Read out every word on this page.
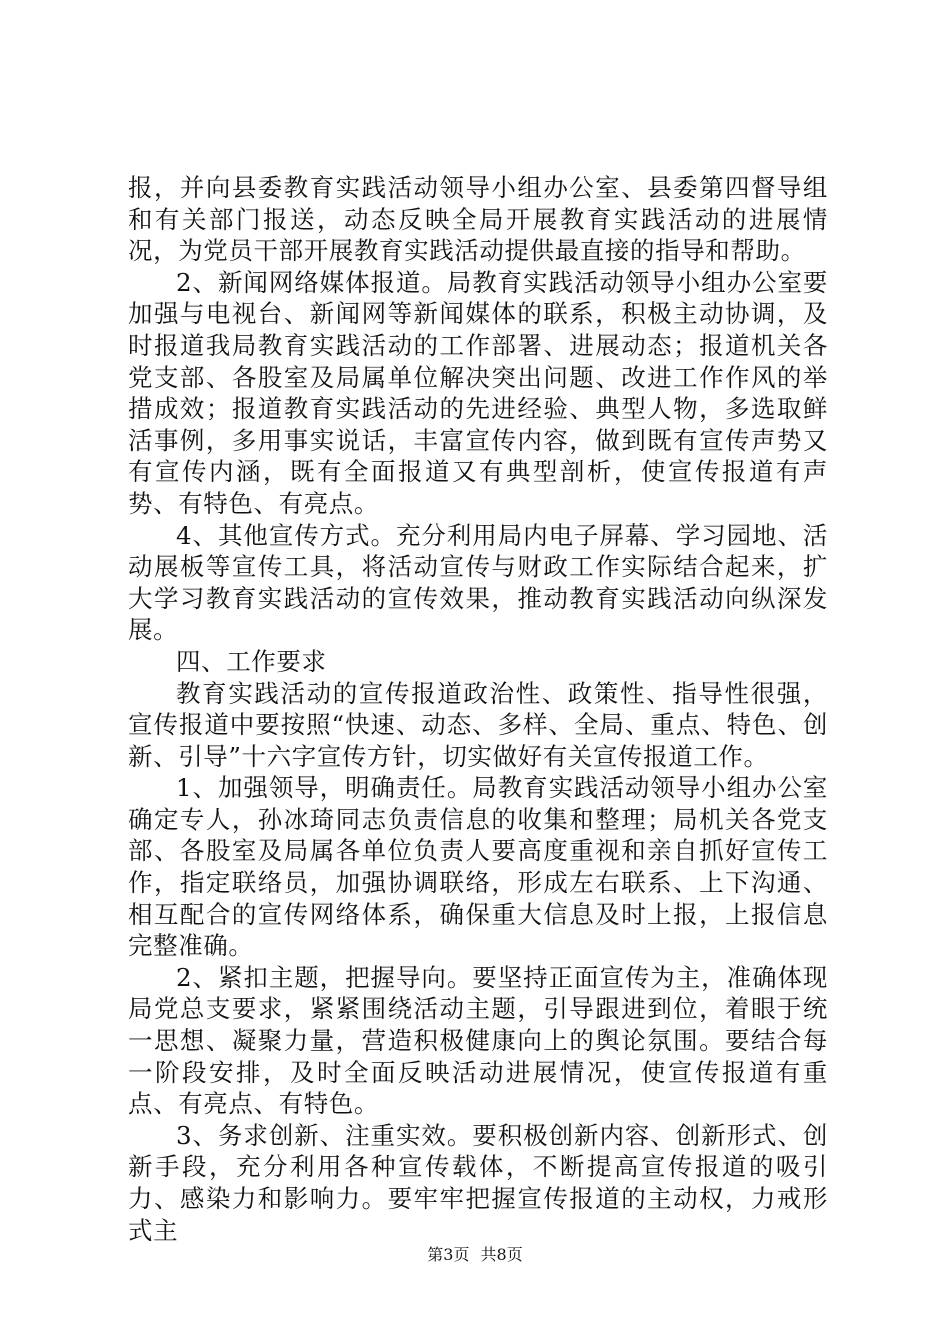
报，并向县委教育实践活动领导小组办公室、县委第四督导组和有关部门报送，动态反映全局开展教育实践活动的进展情况，为党员干部开展教育实践活动提供最直接的指导和帮助。

2、新闻网络媒体报道。局教育实践活动领导小组办公室要加强与电视台、新闻网等新闻媒体的联系，积极主动协调，及时报道我局教育实践活动的工作部署、进展动态；报道机关各党支部、各股室及局属单位解决突出问题、改进工作作风的举措成效；报道教育实践活动的先进经验、典型人物，多选取鲜活事例，多用事实说话，丰富宣传内容，做到既有宣传声势又有宣传内涵，既有全面报道又有典型剖析，使宣传报道有声势、有特色、有亮点。

4、其他宣传方式。充分利用局内电子屏幕、学习园地、活动展板等宣传工具，将活动宣传与财政工作实际结合起来，扩大学习教育实践活动的宣传效果，推动教育实践活动向纵深发展。

四、工作要求

教育实践活动的宣传报道政治性、政策性、指导性很强，宣传报道中要按照“快速、动态、多样、全局、重点、特色、创新、引导”十六字宣传方针，切实做好有关宣传报道工作。

1、加强领导，明确责任。局教育实践活动领导小组办公室确定专人，孙冰琦同志负责信息的收集和整理；局机关各党支部、各股室及局属各单位负责人要高度重视和亲自抓好宣传工作，指定联络员，加强协调联络，形成左右联系、上下沟通、相互配合的宣传网络体系，确保重大信息及时上报，上报信息完整准确。

2、紧扣主题，把握导向。要坚持正面宣传为主，准确体现局党总支要求，紧紧围绕活动主题，引导跟进到位，着眼于统一思想、凝聚力量，营造积极健康向上的舆论氛围。要结合每一阶段安排，及时全面反映活动进展情况，使宣传报道有重点、有亮点、有特色。

3、务求创新、注重实效。要积极创新内容、创新形式、创新手段，充分利用各种宣传载体，不断提高宣传报道的吸引力、感染力和影响力。要牢牢把握宣传报道的主动权，力戒形式主

第3页 共8页
